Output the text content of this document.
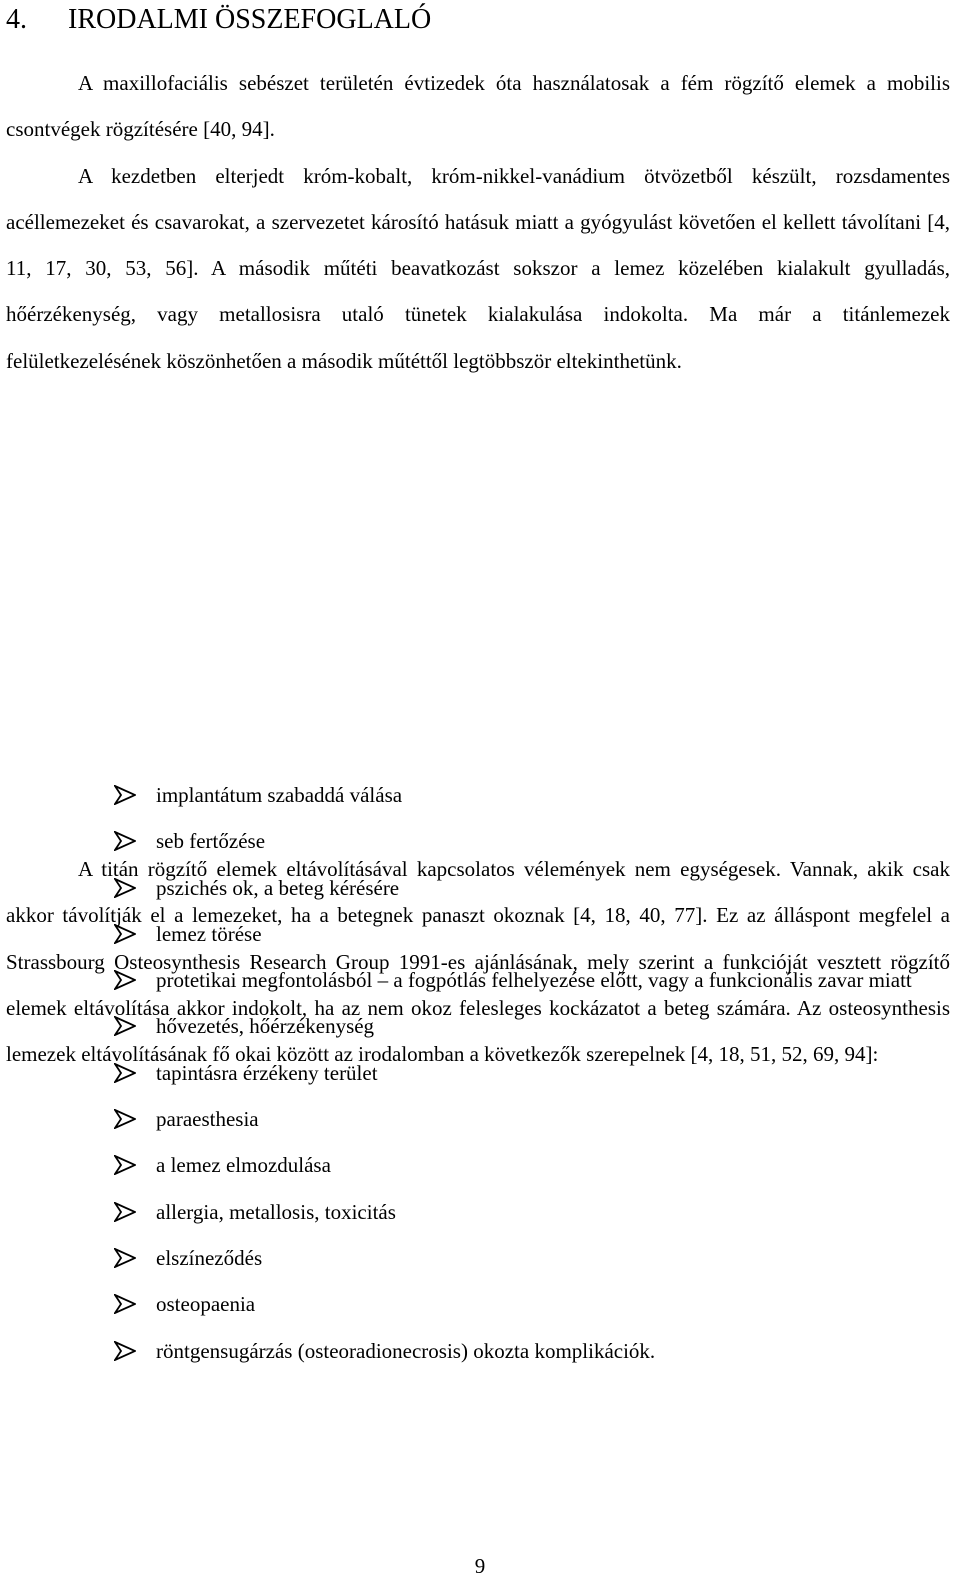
4. IRODALMI ÖSSZEFOGLALÓ

A maxillofaciális sebészet területén évtizedek óta használatosak a fém rögzítő elemek a mobilis csontvégek rögzítésére [40, 94].

A kezdetben elterjedt króm-kobalt, króm-nikkel-vanádium ötvözetből készült, rozsdamentes acéllemezeket és csavarokat, a szervezetet károsító hatásuk miatt a gyógyulást követően el kellett távolítani [4, 11, 17, 30, 53, 56]. A második műtéti beavatkozást sokszor a lemez közelében kialakult gyulladás, hőérzékenység, vagy metallosisra utaló tünetek kialakulása indokolta. Ma már a titánlemezek felületkezelésének köszönhetően a második műtéttől legtöbbször eltekinthetünk.

A titán rögzítő elemek eltávolításával kapcsolatos vélemények nem egységesek. Vannak, akik csak akkor távolítják el a lemezeket, ha a betegnek panaszt okoznak [4, 18, 40, 77]. Ez az álláspont megfelel a Strassbourg Osteosynthesis Research Group 1991-es ajánlásának, mely szerint a funkcióját vesztett rögzítő elemek eltávolítása akkor indokolt, ha az nem okoz felesleges kockázatot a beteg számára. Az osteosynthesis lemezek eltávolításának fő okai között az irodalomban a következők szerepelnek [4, 18, 51, 52, 69, 94]:

implantátum szabaddá válása
seb fertőzése
pszichés ok, a beteg kérésére
lemez törése
protetikai megfontolásból – a fogpótlás felhelyezése előtt, vagy a funkcionális zavar miatt
hővezetés, hőérzékenység
tapintásra érzékeny terület
paraesthesia
a lemez elmozdulása
allergia, metallosis, toxicitás
elszíneződés
osteopaenia
röntgensugárzás (osteoradionecrosis) okozta komplikációk.
9
